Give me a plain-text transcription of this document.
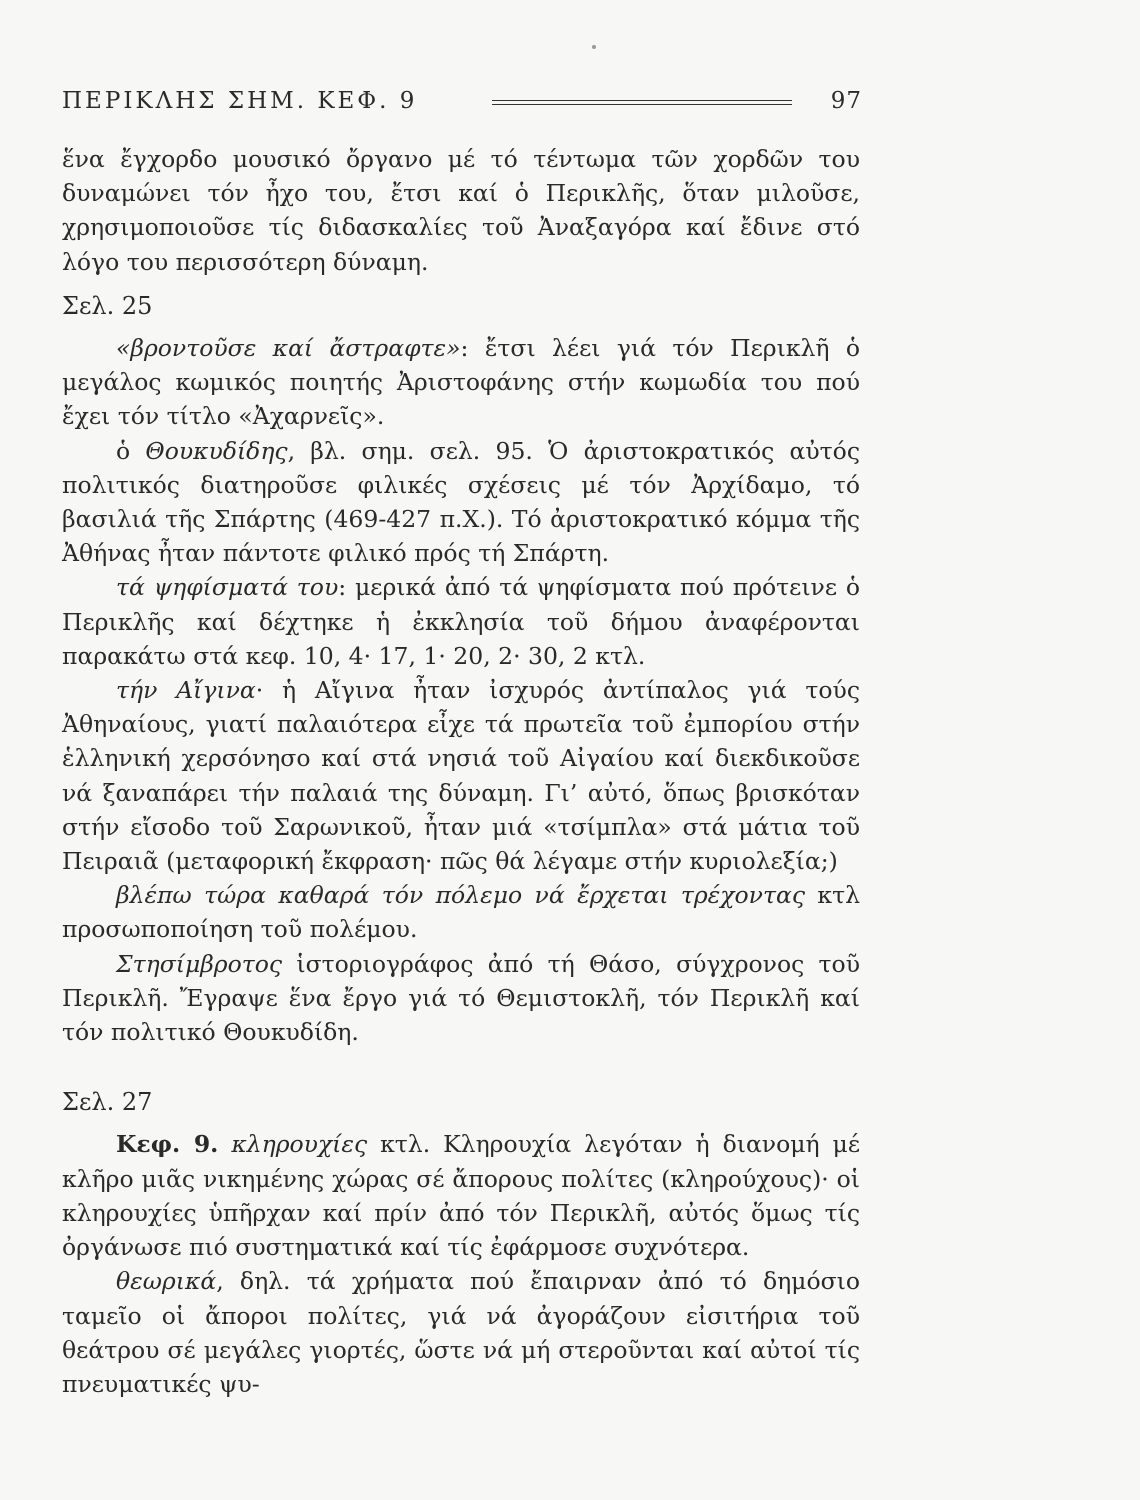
ΠΕΡΙΚΛΗΣ ΣΗΜ. ΚΕΦ. 9	97

ἕνα ἔγχορδο μουσικό ὄργανο μέ τό τέντωμα τῶν χορδῶν του δυναμώνει τόν ἦχο του, ἔτσι καί ὁ Περικλῆς, ὅταν μιλοῦσε, χρησιμοποιοῦσε τίς διδασκαλίες τοῦ Ἀναξαγόρα καί ἔδινε στό λόγο του περισσότερη δύναμη.

Σελ. 25

«βροντοῦσε καί ἄστραφτε»: ἔτσι λέει γιά τόν Περικλῆ ὁ μεγάλος κωμικός ποιητής Ἀριστοφάνης στήν κωμωδία του πού ἔχει τόν τίτλο «Ἀχαρνεῖς».

ὁ Θουκυδίδης, βλ. σημ. σελ. 95. Ὁ ἀριστοκρατικός αὐτός πολιτικός διατηροῦσε φιλικές σχέσεις μέ τόν Ἀρχίδαμο, τό βασιλιά τῆς Σπάρτης (469-427 π.Χ.). Τό ἀριστοκρατικό κόμμα τῆς Ἀθήνας ἦταν πάντοτε φιλικό πρός τή Σπάρτη.

τά ψηφίσματά του: μερικά ἀπό τά ψηφίσματα πού πρότεινε ὁ Περικλῆς καί δέχτηκε ἡ ἐκκλησία τοῦ δήμου ἀναφέρονται παρακάτω στά κεφ. 10, 4· 17, 1· 20, 2· 30, 2 κτλ.

τήν Αἴγινα· ἡ Αἴγινα ἦταν ἰσχυρός ἀντίπαλος γιά τούς Ἀθηναίους, γιατί παλαιότερα εἶχε τά πρωτεῖα τοῦ ἐμπορίου στήν ἑλληνική χερσόνησο καί στά νησιά τοῦ Αἰγαίου καί διεκδικοῦσε νά ξαναπάρει τήν παλαιά της δύναμη. Γι’ αὐτό, ὅπως βρισκόταν στήν εἴσοδο τοῦ Σαρωνικοῦ, ἦταν μιά «τσίμπλα» στά μάτια τοῦ Πειραιᾶ (μεταφορική ἔκφραση· πῶς θά λέγαμε στήν κυριολεξία;)

βλέπω τώρα καθαρά τόν πόλεμο νά ἔρχεται τρέχοντας κτλ προσωποποίηση τοῦ πολέμου.

Στησίμβροτος ἱστοριογράφος ἀπό τή Θάσο, σύγχρονος τοῦ Περικλῆ. Ἔγραψε ἕνα ἔργο γιά τό Θεμιστοκλῆ, τόν Περικλῆ καί τόν πολιτικό Θουκυδίδη.

Σελ. 27

Κεφ. 9. κληρουχίες κτλ. Κληρουχία λεγόταν ἡ διανομή μέ κλῆρο μιᾶς νικημένης χώρας σέ ἄπορους πολίτες (κληρούχους)· οἱ κληρουχίες ὑπῆρχαν καί πρίν ἀπό τόν Περικλῆ, αὐτός ὅμως τίς ὀργάνωσε πιό συστηματικά καί τίς ἐφάρμοσε συχνότερα.

θεωρικά, δηλ. τά χρήματα πού ἔπαιρναν ἀπό τό δημόσιο ταμεῖο οἱ ἄποροι πολίτες, γιά νά ἀγοράζουν εἰσιτήρια τοῦ θεάτρου σέ μεγάλες γιορτές, ὥστε νά μή στεροῦνται καί αὐτοί τίς πνευματικές ψυ-
